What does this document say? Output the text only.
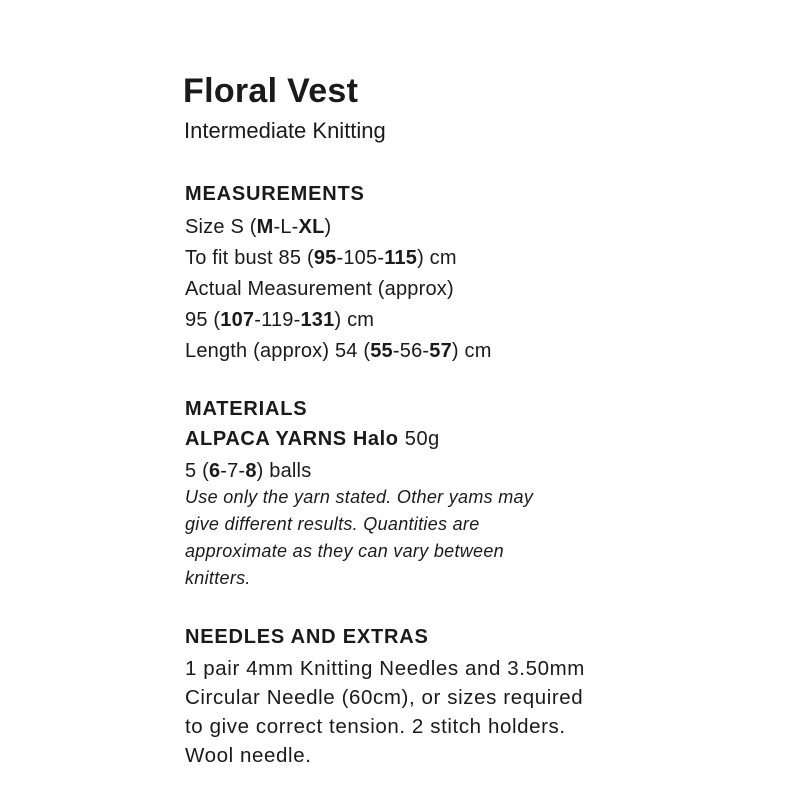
Floral Vest
Intermediate Knitting
MEASUREMENTS
Size S (M-L-XL)
To fit bust 85 (95-105-115) cm
Actual Measurement (approx)
95 (107-119-131) cm
Length (approx) 54 (55-56-57) cm
MATERIALS
ALPACA YARNS Halo 50g
5 (6-7-8) balls
Use only the yarn stated. Other yams may
give different results. Quantities are
approximate as they can vary between
knitters.
NEEDLES AND EXTRAS
1 pair 4mm Knitting Needles and 3.50mm
Circular Needle (60cm), or sizes required
to give correct tension. 2 stitch holders.
Wool needle.
